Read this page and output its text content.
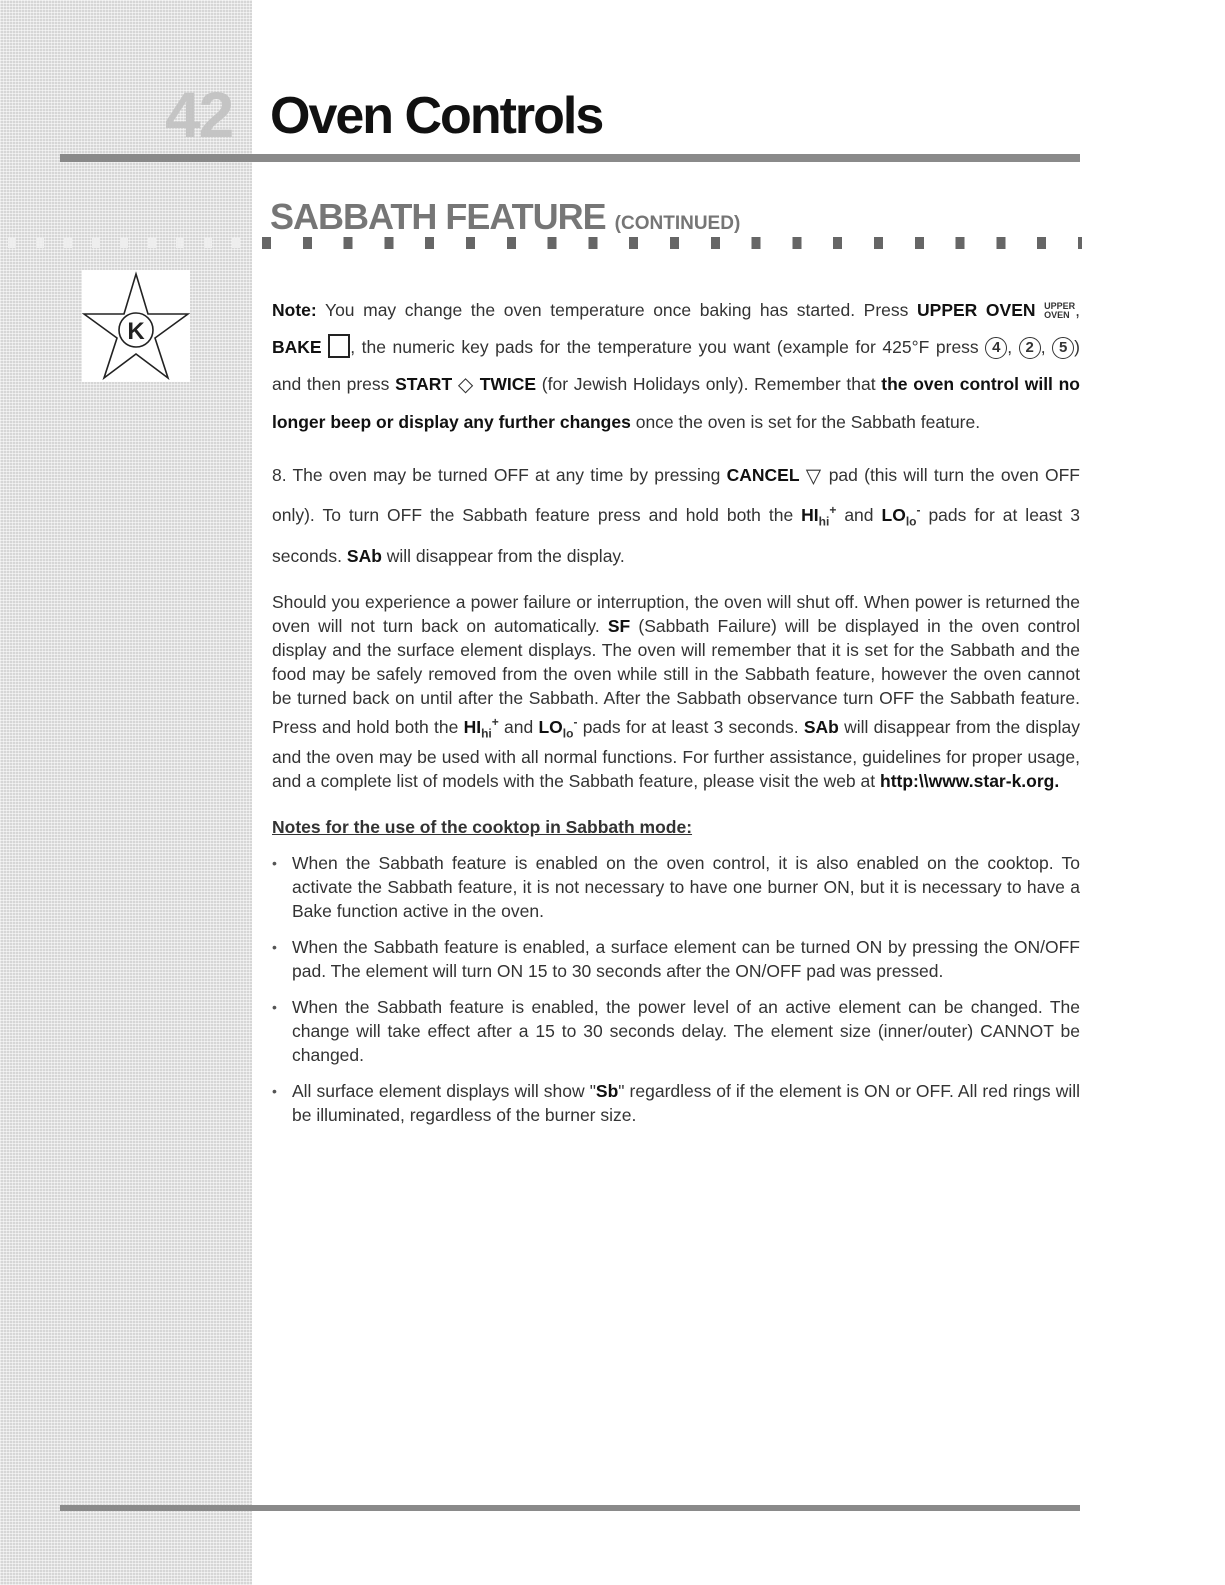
42 Oven Controls
SABBATH FEATURE (CONTINUED)
K

Note: You may change the oven temperature once baking has started. Press UPPER OVEN UPPER
OVEN , BAKE , the numeric key pads for the temperature you want (example for 425°F press 4 , 2 , 5 ) and then press START ◇ TWICE (for Jewish Holidays only). Remember that the oven control will no longer beep or display any further changes once the oven is set for the Sabbath feature.

8. The oven may be turned OFF at any time by pressing CANCEL ▽ pad (this will turn the oven OFF only). To turn OFF the Sabbath feature press and hold both the $HI_{hi}^+$ and $LO_{lo}^-$ pads for at least 3 seconds. SAb will disappear from the display.

Should you experience a power failure or interruption, the oven will shut off. When power is returned the oven will not turn back on automatically. SF (Sabbath Failure) will be displayed in the oven control display and the surface element displays. The oven will remember that it is set for the Sabbath and the food may be safely removed from the oven while still in the Sabbath feature, however the oven cannot be turned back on until after the Sabbath. After the Sabbath observance turn OFF the Sabbath feature. Press and hold both the $HI_{hi}^+$ and $LO_{lo}^-$ pads for at least 3 seconds. SAb will disappear from the display and the oven may be used with all normal functions. For further assistance, guidelines for proper usage, and a complete list of models with the Sabbath feature, please visit the web at http:\\www.star-k.org.

Notes for the use of the cooktop in Sabbath mode:

• When the Sabbath feature is enabled on the oven control, it is also enabled on the cooktop. To activate the Sabbath feature, it is not necessary to have one burner ON, but it is necessary to have a Bake function active in the oven.
• When the Sabbath feature is enabled, a surface element can be turned ON by pressing the ON/OFF pad. The element will turn ON 15 to 30 seconds after the ON/OFF pad was pressed.
• When the Sabbath feature is enabled, the power level of an active element can be changed. The change will take effect after a 15 to 30 seconds delay. The element size (inner/outer) CANNOT be changed.
• All surface element displays will show "Sb" regardless of if the element is ON or OFF. All red rings will be illuminated, regardless of the burner size.
